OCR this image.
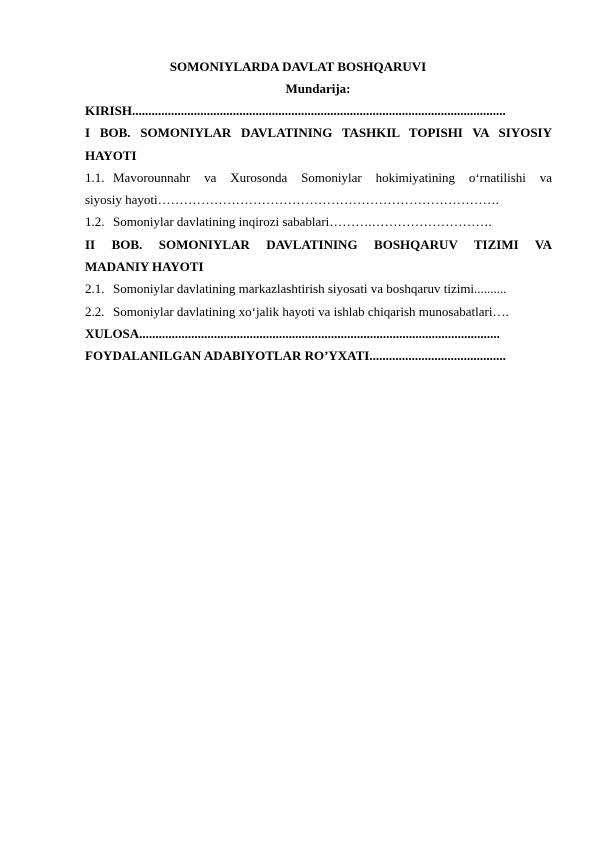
SOMONIYLARDA DAVLAT BOSHQARUVI
Mundarija:
KIRISH...................................................................................................................
I BOB. SOMONIYLAR DAVLATINING TASHKIL TOPISHI VA SIYOSIY
HAYOTI
1.1. Mavorounnahr va Xurosonda Somoniylar hokimiyatining o‘rnatilishi va
siyosiy hayoti…………………………………………………………………….
1.2. Somoniylar davlatining inqirozi sabablari……….……………………….
II BOB. SOMONIYLAR DAVLATINING BOSHQARUV TIZIMI VA
MADANIY HAYOTI
2.1. Somoniylar davlatining markazlashtirish siyosati va boshqaruv tizimi..........
2.2. Somoniylar davlatining xo‘jalik hayoti va ishlab chiqarish munosabatlari….
XULOSA...............................................................................................................
FOYDALANILGAN ADABIYOTLAR RO’YXATI..........................................
